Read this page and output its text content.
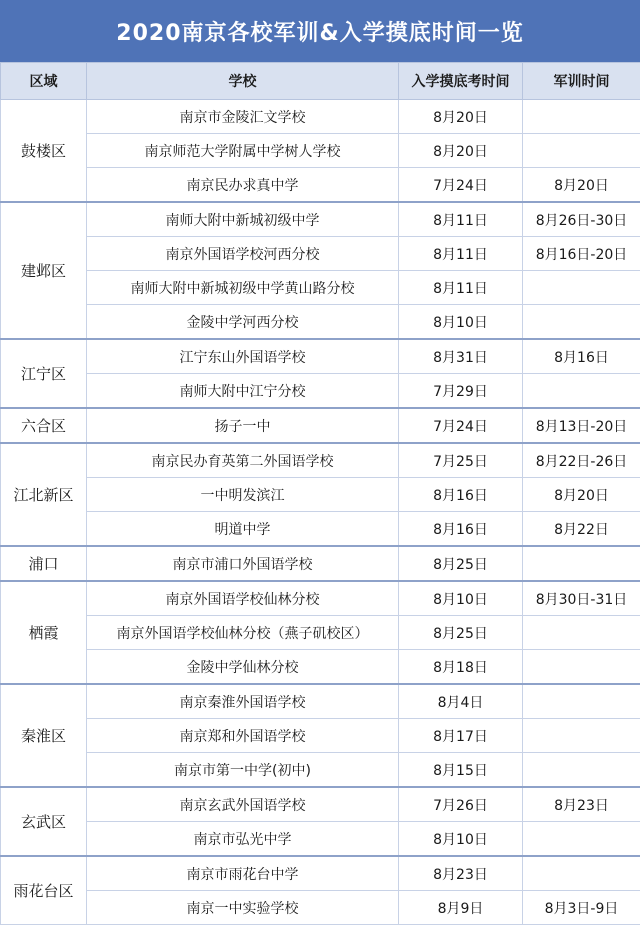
2020南京各校军训&入学摸底时间一览
区域	学校	入学摸底考时间	军训时间
鼓楼区	南京市金陵汇文学校	8月20日	
	南京师范大学附属中学树人学校	8月20日	
	南京民办求真中学	7月24日	8月20日
建邺区	南师大附中新城初级中学	8月11日	8月26日-30日
	南京外国语学校河西分校	8月11日	8月16日-20日
	南师大附中新城初级中学黄山路分校	8月11日	
	金陵中学河西分校	8月10日	
江宁区	江宁东山外国语学校	8月31日	8月16日
	南师大附中江宁分校	7月29日	
六合区	扬子一中	7月24日	8月13日-20日
江北新区	南京民办育英第二外国语学校	7月25日	8月22日-26日
	一中明发滨江	8月16日	8月20日
	明道中学	8月16日	8月22日
浦口	南京市浦口外国语学校	8月25日	
栖霞	南京外国语学校仙林分校	8月10日	8月30日-31日
	南京外国语学校仙林分校（燕子矶校区）	8月25日	
	金陵中学仙林分校	8月18日	
秦淮区	南京秦淮外国语学校	8月4日	
	南京郑和外国语学校	8月17日	
	南京市第一中学(初中)	8月15日	
玄武区	南京玄武外国语学校	7月26日	8月23日
	南京市弘光中学	8月10日	
雨花台区	南京市雨花台中学	8月23日	
	南京一中实验学校	8月9日	8月3日-9日
